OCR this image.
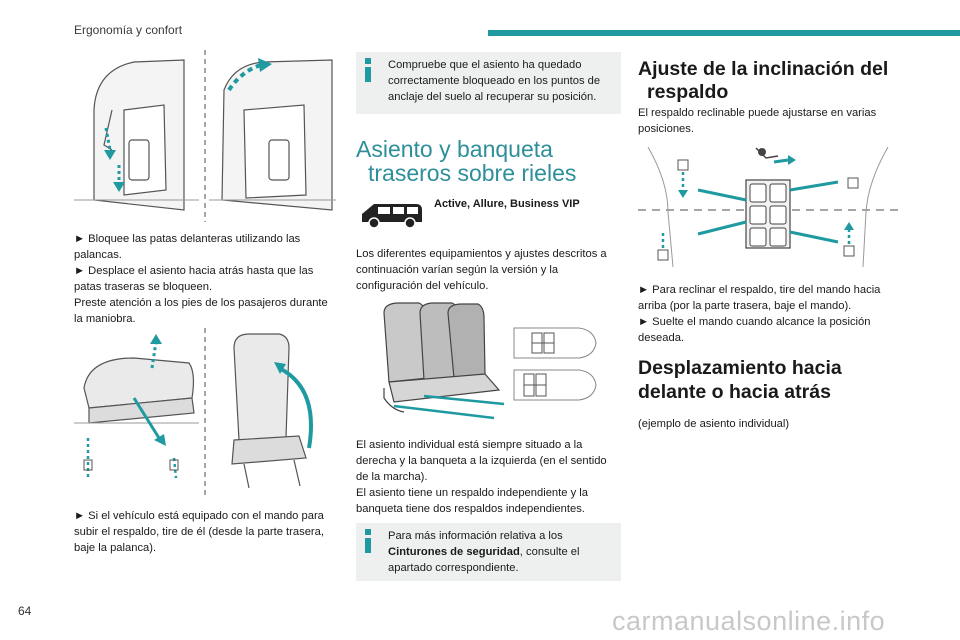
Ergonomía y confort

► Bloquee las patas delanteras utilizando las palancas.

► Desplace el asiento hacia atrás hasta que las patas traseras se bloqueen.

Preste atención a los pies de los pasajeros durante la maniobra.

► Si el vehículo está equipado con el mando para subir el respaldo, tire de él (desde la parte trasera, baje la palanca).

Compruebe que el asiento ha quedado correctamente bloqueado en los puntos de anclaje del suelo al recuperar su posición.
Asiento y banqueta
traseros sobre rieles
Active, Allure, Business VIP

Los diferentes equipamientos y ajustes descritos a continuación varían según la versión y la configuración del vehículo.

El asiento individual está siempre situado a la derecha y la banqueta a la izquierda (en el sentido de la marcha).

El asiento tiene un respaldo independiente y la banqueta tiene dos respaldos independientes.

Para más información relativa a los Cinturones de seguridad, consulte el apartado correspondiente.
Ajuste de la inclinación del
respaldo

El respaldo reclinable puede ajustarse en varias posiciones.

► Para reclinar el respaldo, tire del mando hacia arriba (por la parte trasera, baje el mando).

► Suelte el mando cuando alcance la posición deseada.

Desplazamiento hacia
delante o hacia atrás

(ejemplo de asiento individual)

64	carmanualsonline.info
